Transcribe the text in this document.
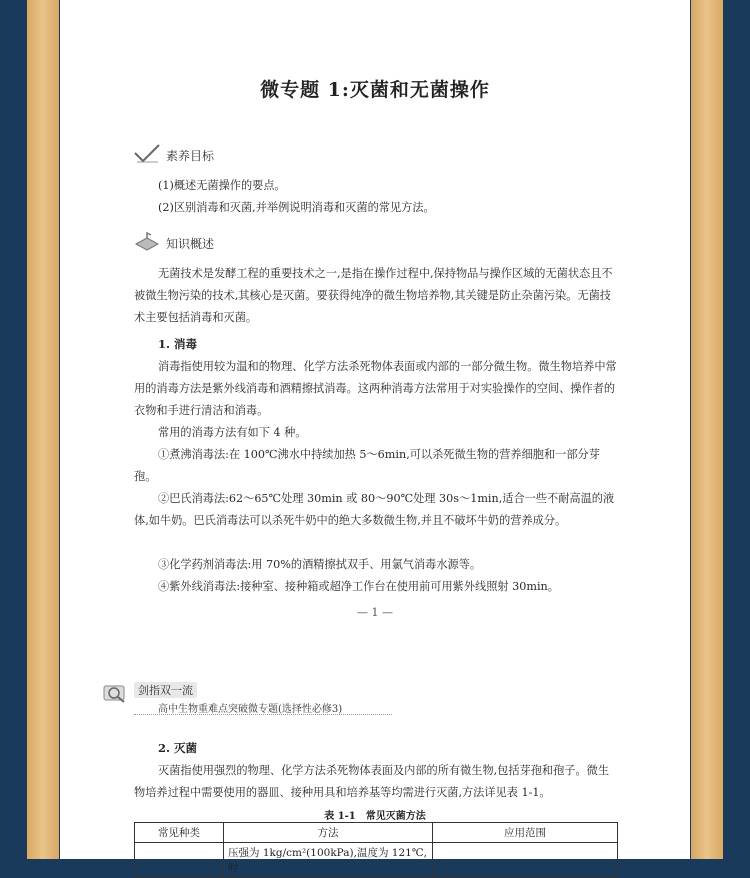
微专题 1:灭菌和无菌操作
素养目标
(1)概述无菌操作的要点。
(2)区别消毒和灭菌,并举例说明消毒和灭菌的常见方法。
知识概述
无菌技术是发酵工程的重要技术之一,是指在操作过程中,保持物品与操作区域的无菌状态且不被微生物污染的技术,其核心是灭菌。要获得纯净的微生物培养物,其关键是防止杂菌污染。无菌技术主要包括消毒和灭菌。
1. 消毒
消毒指使用较为温和的物理、化学方法杀死物体表面或内部的一部分微生物。微生物培养中常用的消毒方法是紫外线消毒和酒精擦拭消毒。这两种消毒方法常用于对实验操作的空间、操作者的衣物和手进行清洁和消毒。
常用的消毒方法有如下 4 种。
①煮沸消毒法:在 100℃沸水中持续加热 5～6min,可以杀死微生物的营养细胞和一部分芽孢。
②巴氏消毒法:62～65℃处理 30min 或 80～90℃处理 30s～1min,适合一些不耐高温的液体,如牛奶。巴氏消毒法可以杀死牛奶中的绝大多数微生物,并且不破坏牛奶的营养成分。
③化学药剂消毒法:用 70%的酒精擦拭双手、用氯气消毒水源等。
④紫外线消毒法:接种室、接种箱或超净工作台在使用前可用紫外线照射 30min。
— 1 —
剑指双一流
高中生物重难点突破微专题(选择性必修3)
2. 灭菌
灭菌指使用强烈的物理、化学方法杀死物体表面及内部的所有微生物,包括芽孢和孢子。微生物培养过程中需要使用的器皿、接种用具和培养基等均需进行灭菌,方法详见表 1-1。
表 1-1　常见灭菌方法
常见种类	方法	应用范围
	压强为 1kg/cm²(100kPa),温度为 121℃,时	
